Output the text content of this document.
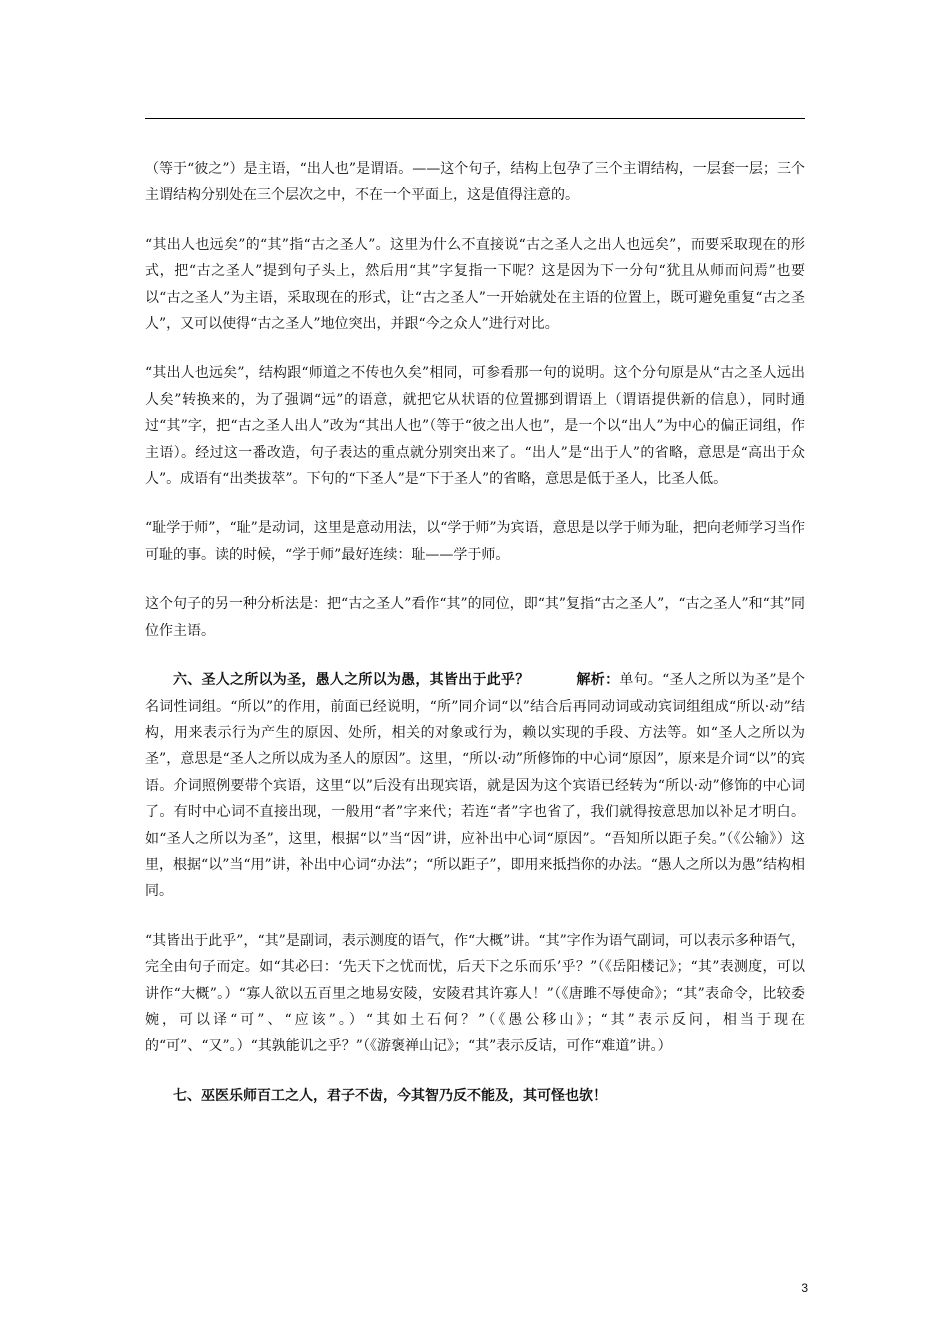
（等于“彼之”）是主语，“出人也”是谓语。——这个句子，结构上包孕了三个主谓结构，一层套一层；三个主谓结构分别处在三个层次之中，不在一个平面上，这是值得注意的。

“其出人也远矣”的“其”指“古之圣人”。这里为什么不直接说“古之圣人之出人也远矣”，而要采取现在的形式，把“古之圣人”提到句子头上，然后用“其”字复指一下呢？这是因为下一分句“犹且从师而问焉”也要以“古之圣人”为主语，采取现在的形式，让“古之圣人”一开始就处在主语的位置上，既可避免重复“古之圣人”，又可以使得“古之圣人”地位突出，并跟“今之众人”进行对比。

“其出人也远矣”，结构跟“师道之不传也久矣”相同，可参看那一句的说明。这个分句原是从“古之圣人远出人矣”转换来的，为了强调“远”的语意，就把它从状语的位置挪到谓语上（谓语提供新的信息），同时通过“其”字，把“古之圣人出人”改为“其出人也”（等于“彼之出人也”，是一个以“出人”为中心的偏正词组，作主语）。经过这一番改造，句子表达的重点就分别突出来了。“出人”是“出于人”的省略，意思是“高出于众人”。成语有“出类拔萃”。下句的“下圣人”是“下于圣人”的省略，意思是低于圣人，比圣人低。

“耻学于师”，“耻”是动词，这里是意动用法，以“学于师”为宾语，意思是以学于师为耻，把向老师学习当作可耻的事。读的时候，“学于师”最好连续：耻——学于师。

这个句子的另一种分析法是：把“古之圣人”看作“其”的同位，即“其”复指“古之圣人”，“古之圣人”和“其”同位作主语。

六、圣人之所以为圣，愚人之所以为愚，其皆出于此乎？	解析：单句。“圣人之所以为圣”是个名词性词组。“所以”的作用，前面已经说明，“所”同介词“以”结合后再同动词或动宾词组组成“所以·动”结构，用来表示行为产生的原因、处所，相关的对象或行为，赖以实现的手段、方法等。如“圣人之所以为圣”，意思是“圣人之所以成为圣人的原因”。这里，“所以·动”所修饰的中心词“原因”，原来是介词“以”的宾语。介词照例要带个宾语，这里“以”后没有出现宾语，就是因为这个宾语已经转为“所以·动”修饰的中心词了。有时中心词不直接出现，一般用“者”字来代；若连“者”字也省了，我们就得按意思加以补足才明白。如“圣人之所以为圣”，这里，根据“以”当“因”讲，应补出中心词“原因”。“吾知所以距子矣。”（《公输》）这里，根据“以”当“用”讲，补出中心词“办法”；“所以距子”，即用来抵挡你的办法。“愚人之所以为愚”结构相同。

“其皆出于此乎”，“其”是副词，表示测度的语气，作“大概”讲。“其”字作为语气副词，可以表示多种语气，完全由句子而定。如“其必曰：‘先天下之忧而忧，后天下之乐而乐’乎？”（《岳阳楼记》；“其”表测度，可以讲作“大概”。）“寡人欲以五百里之地易安陵，安陵君其许寡人！”（《唐雎不辱使命》；“其”表命令，比较委婉，可以译“可”、“应该”。）“其如土石何？”（《愚公移山》；“其”表示反问，相当于现在的“可”、“又”。）“其孰能讥之乎？”（《游褒禅山记》；“其”表示反诘，可作“难道”讲。）

七、巫医乐师百工之人，君子不齿，今其智乃反不能及，其可怪也欤！

3
